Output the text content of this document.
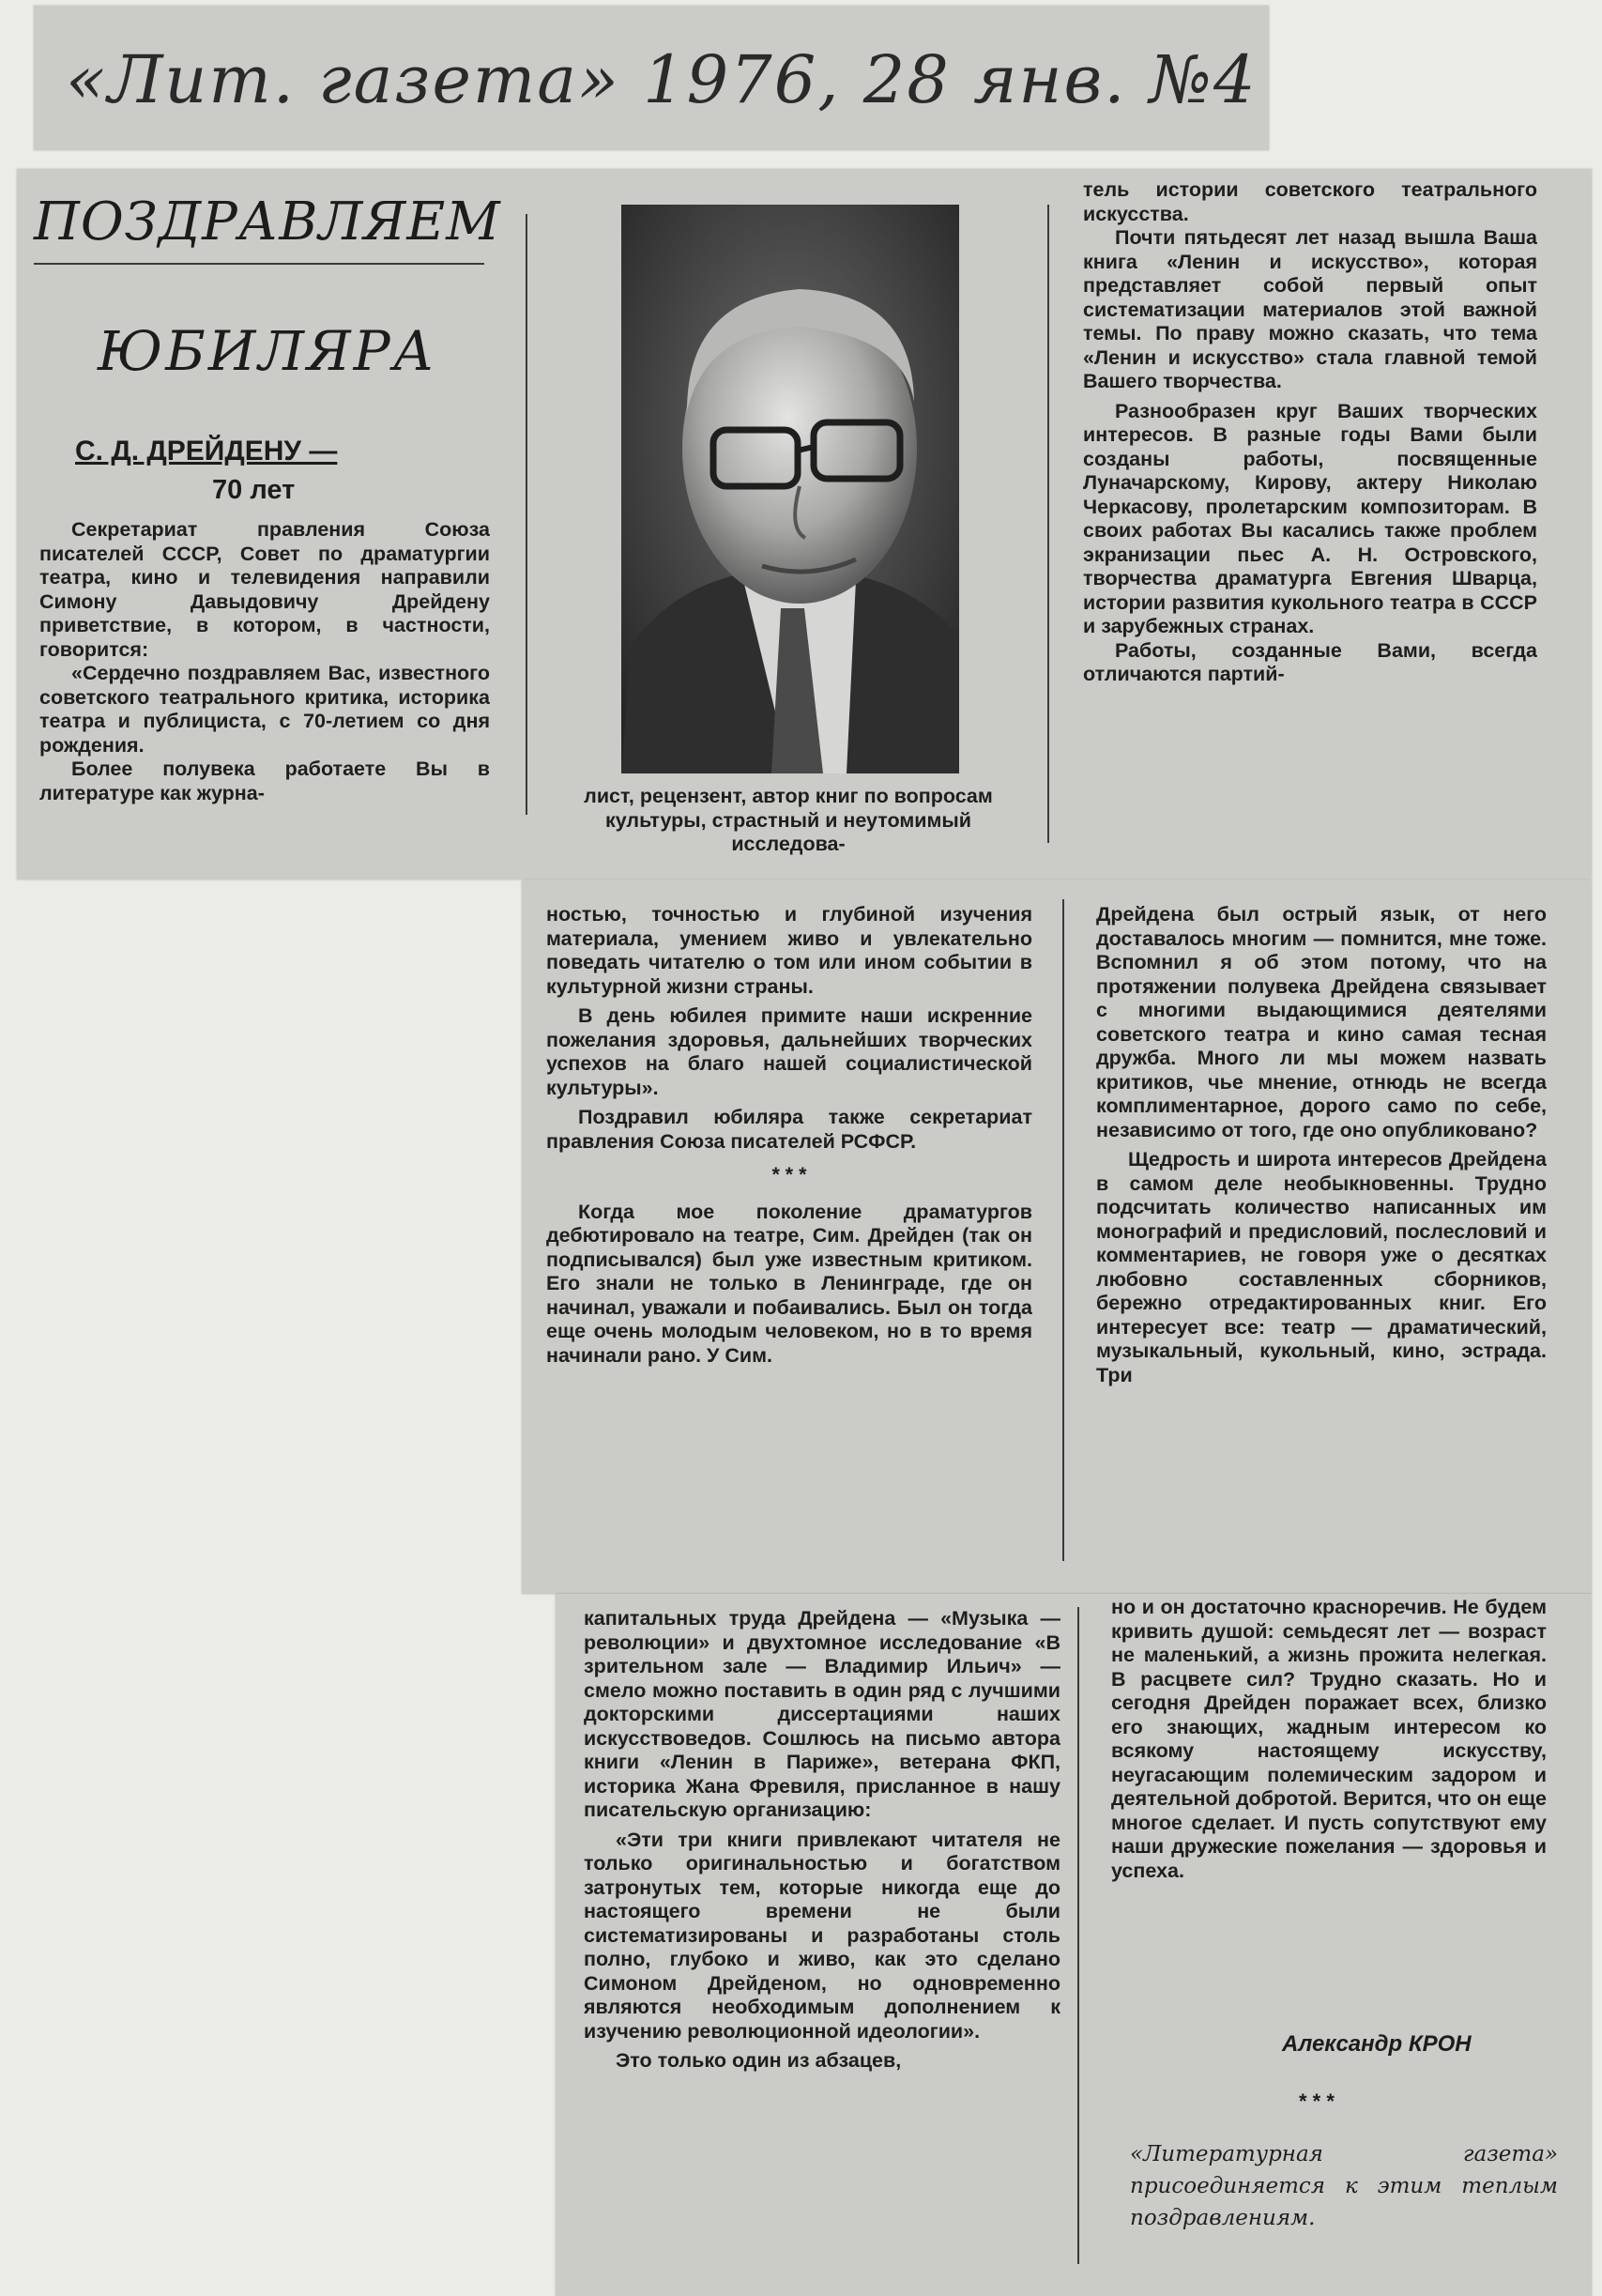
«Лит. газета» 1976, 28 янв. №4
ПОЗДРАВЛЯЕМ
ЮБИЛЯРА
С. Д. ДРЕЙДЕНУ —
70 лет

Секретариат правления Союза писателей СССР, Совет по драматургии театра, кино и телевидения направили Симону Давыдовичу Дрейдену приветствие, в котором, в частности, говорится:

«Сердечно поздравляем Вас, известного советского театрального критика, историка театра и публициста, с 70-летием со дня рождения.

Более полувека работаете Вы в литературе как журна-	лист, рецензент, автор книг по вопросам культуры, страстный и неутомимый исследова-

тель истории советского театрального искусства.

Почти пятьдесят лет назад вышла Ваша книга «Ленин и искусство», которая представляет собой первый опыт систематизации материалов этой важной темы. По праву можно сказать, что тема «Ленин и искусство» стала главной темой Вашего творчества.

Разнообразен круг Ваших творческих интересов. В разные годы Вами были созданы работы, посвященные Луначарскому, Кирову, актеру Николаю Черкасову, пролетарским композиторам. В своих работах Вы касались также проблем экранизации пьес А. Н. Островского, творчества драматурга Евгения Шварца, истории развития кукольного театра в СССР и зарубежных странах.

Работы, созданные Вами, всегда отличаются партий-

ностью, точностью и глубиной изучения материала, умением живо и увлекательно поведать читателю о том или ином событии в культурной жизни страны.

В день юбилея примите наши искренние пожелания здоровья, дальнейших творческих успехов на благо нашей социалистической культуры».

Поздравил юбиляра также секретариат правления Союза писателей РСФСР.

* * *

Когда мое поколение драматургов дебютировало на театре, Сим. Дрейден (так он подписывался) был уже известным критиком. Его знали не только в Ленинграде, где он начинал, уважали и побаивались. Был он тогда еще очень молодым человеком, но в то время начинали рано. У Сим.

Дрейдена был острый язык, от него доставалось многим — помнится, мне тоже. Вспомнил я об этом потому, что на протяжении полувека Дрейдена связывает с многими выдающимися деятелями советского театра и кино самая тесная дружба. Много ли мы можем назвать критиков, чье мнение, отнюдь не всегда комплиментарное, дорого само по себе, независимо от того, где оно опубликовано?

Щедрость и широта интересов Дрейдена в самом деле необыкновенны. Трудно подсчитать количество написанных им монографий и предисловий, послесловий и комментариев, не говоря уже о десятках любовно составленных сборников, бережно отредактированных книг. Его интересует все: театр — драматический, музыкальный, кукольный, кино, эстрада. Три

капитальных труда Дрейдена — «Музыка — революции» и двухтомное исследование «В зрительном зале — Владимир Ильич» — смело можно поставить в один ряд с лучшими докторскими диссертациями наших искусствоведов. Сошлюсь на письмо автора книги «Ленин в Париже», ветерана ФКП, историка Жана Фревиля, присланное в нашу писательскую организацию:

«Эти три книги привлекают читателя не только оригинальностью и богатством затронутых тем, которые никогда еще до настоящего времени не были систематизированы и разработаны столь полно, глубоко и живо, как это сделано Симоном Дрейденом, но одновременно являются необходимым дополнением к изучению революционной идеологии».

Это только один из абзацев,

но и он достаточно красноречив. Не будем кривить душой: семьдесят лет — возраст не маленький, а жизнь прожита нелегкая. В расцвете сил? Трудно сказать. Но и сегодня Дрейден поражает всех, близко его знающих, жадным интересом ко всякому настоящему искусству, неугасающим полемическим задором и деятельной добротой. Верится, что он еще многое сделает. И пусть сопутствуют ему наши дружеские пожелания — здоровья и успеха.

Александр КРОН
* * *
«Литературная газета» присоединяется к этим теплым поздравлениям.
